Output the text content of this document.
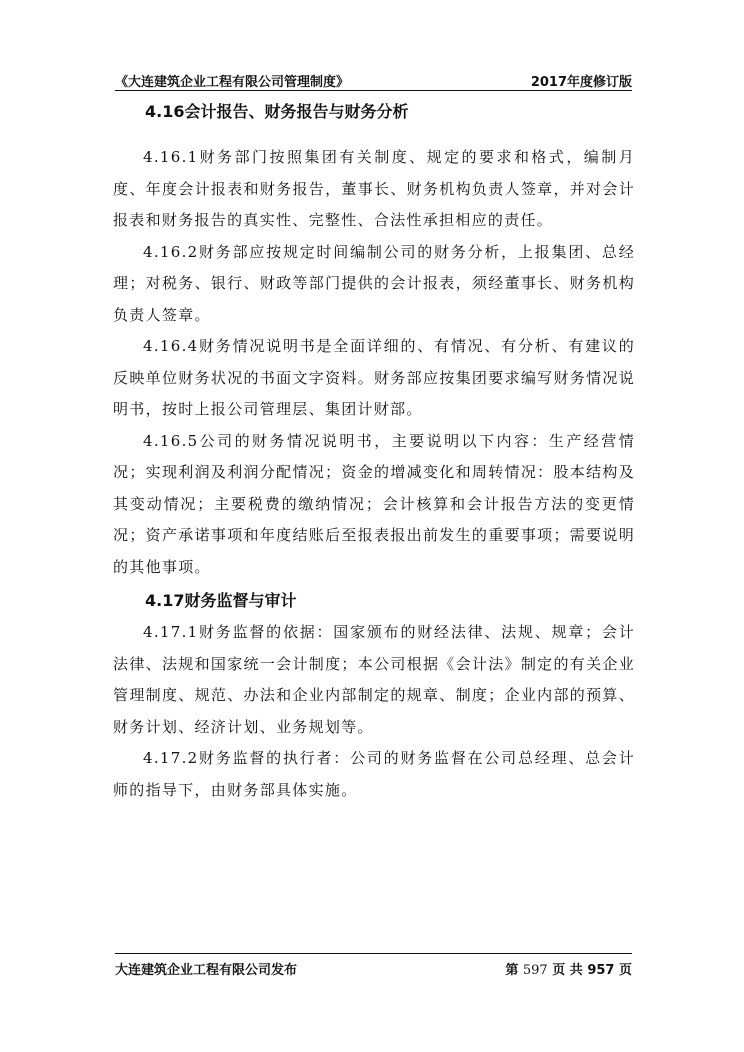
《大连建筑企业工程有限公司管理制度》	2017年度修订版
4.16会计报告、财务报告与财务分析

4.16.1财务部门按照集团有关制度、规定的要求和格式，编制月度、年度会计报表和财务报告，董事长、财务机构负责人签章，并对会计报表和财务报告的真实性、完整性、合法性承担相应的责任。

4.16.2财务部应按规定时间编制公司的财务分析，上报集团、总经理；对税务、银行、财政等部门提供的会计报表，须经董事长、财务机构负责人签章。

4.16.4财务情况说明书是全面详细的、有情况、有分析、有建议的反映单位财务状况的书面文字资料。财务部应按集团要求编写财务情况说明书，按时上报公司管理层、集团计财部。

4.16.5公司的财务情况说明书，主要说明以下内容：生产经营情况；实现利润及利润分配情况；资金的增减变化和周转情况：股本结构及其变动情况；主要税费的缴纳情况；会计核算和会计报告方法的变更情况；资产承诺事项和年度结账后至报表报出前发生的重要事项；需要说明的其他事项。

4.17财务监督与审计

4.17.1财务监督的依据：国家颁布的财经法律、法规、规章；会计法律、法规和国家统一会计制度；本公司根据《会计法》制定的有关企业管理制度、规范、办法和企业内部制定的规章、制度；企业内部的预算、财务计划、经济计划、业务规划等。

4.17.2财务监督的执行者：公司的财务监督在公司总经理、总会计师的指导下，由财务部具体实施。

大连建筑企业工程有限公司发布	第 597 页 共 957 页
